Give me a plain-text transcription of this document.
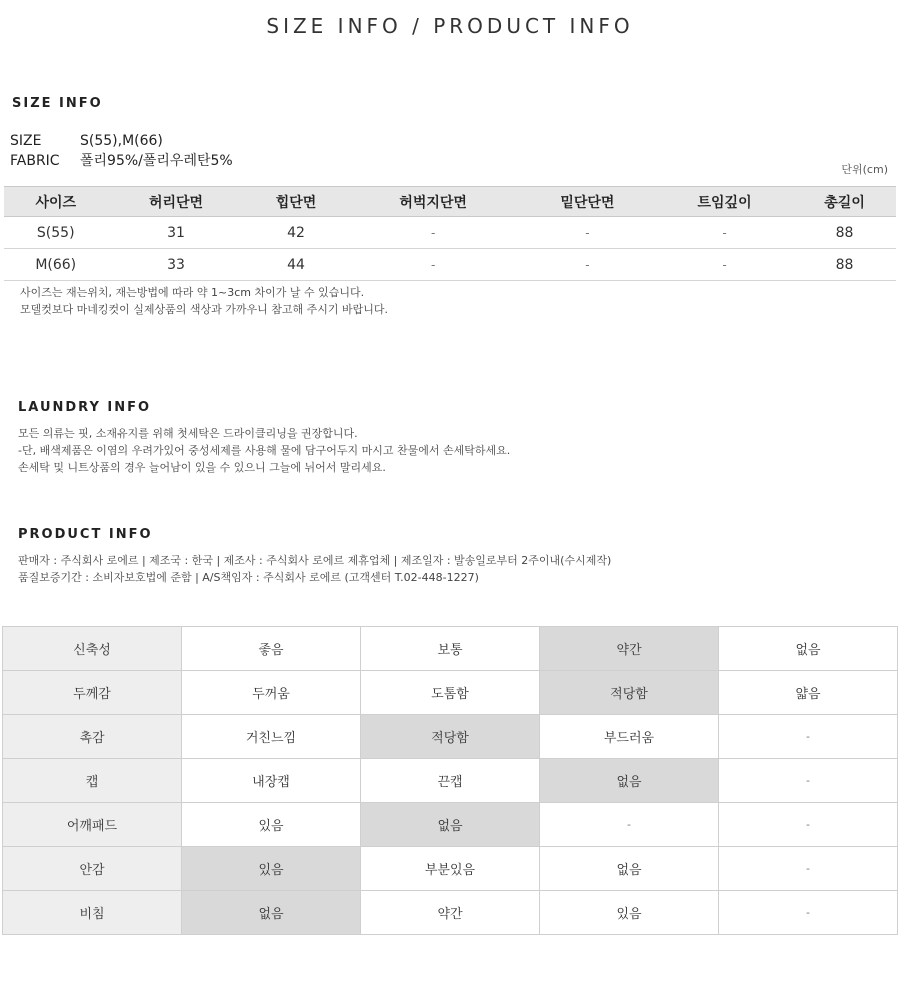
SIZE INFO / PRODUCT INFO
SIZE INFO
SIZE	S(55),M(66)
FABRIC 폴리95%/폴리우레탄5%
단위(cm)
사이즈	허리단면	힙단면	허벅지단면	밑단단면	트임깊이	총길이
S(55)	31	42	-	-	-	88
M(66)	33	44	-	-	-	88
사이즈는 재는위치, 재는방법에 따라 약 1~3cm 차이가 날 수 있습니다.
모델컷보다 마네킹컷이 실제상품의 색상과 가까우니 참고해 주시기 바랍니다.
LAUNDRY INFO
모든 의류는 핏, 소재유지를 위해 첫세탁은 드라이클리닝을 권장합니다.
-단, 배색제품은 이염의 우려가있어 중성세제를 사용해 물에 담구어두지 마시고 찬물에서 손세탁하세요.
손세탁 및 니트상품의 경우 늘어남이 있을 수 있으니 그늘에 뉘어서 말리세요.
PRODUCT INFO
판매자 : 주식회사 로에르 | 제조국 : 한국 | 제조사 : 주식회사 로에르 제휴업체 | 제조일자 : 발송일로부터 2주이내(수시제작)
품질보증기간 : 소비자보호법에 준함 | A/S책임자 : 주식회사 로에르 (고객센터 T.02-448-1227)
신축성	좋음	보통	약간	없음
두께감	두꺼움	도톰함	적당함	얇음
촉감	거친느낌	적당함	부드러움	-
캡	내장캡	끈캡	없음	-
어깨패드	있음	없음	-	-
안감	있음	부분있음	없음	-
비침	없음	약간	있음	-
